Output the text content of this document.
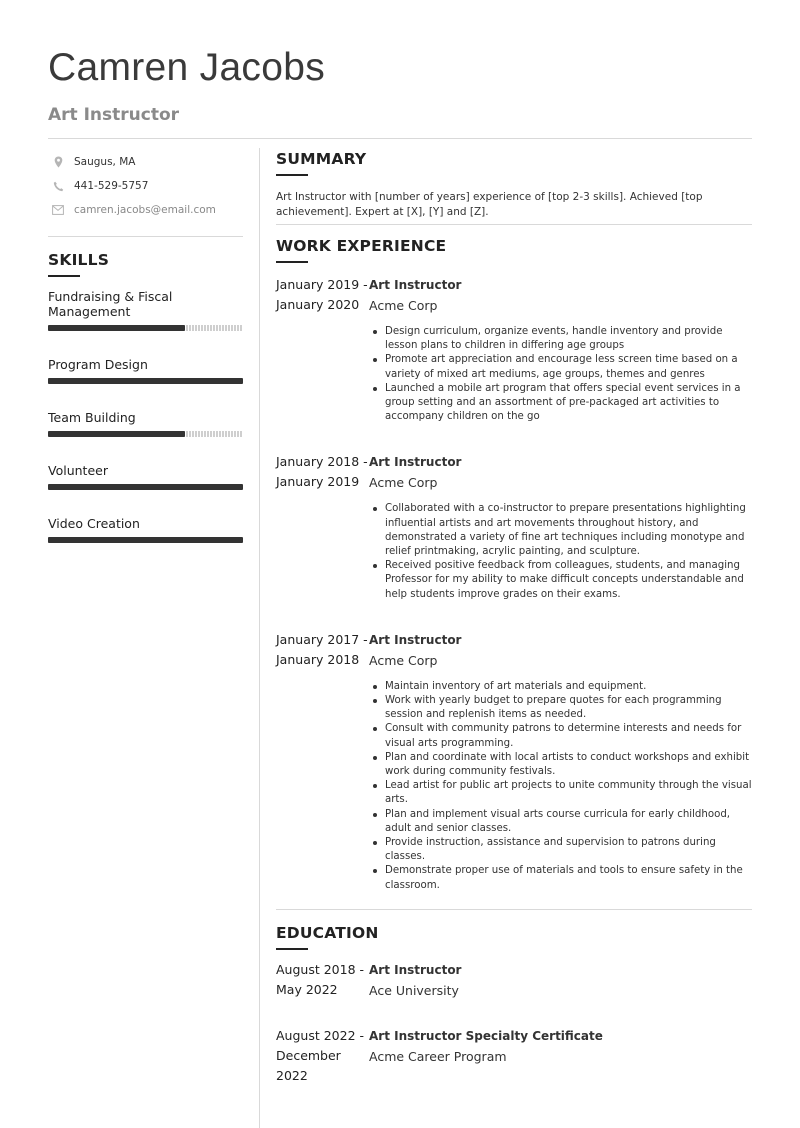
Camren Jacobs
Art Instructor
Saugus, MA
441-529-5757
camren.jacobs@email.com
SKILLS
Fundraising & Fiscal Management
Program Design
Team Building
Volunteer
Video Creation
SUMMARY
Art Instructor with [number of years] experience of [top 2-3 skills]. Achieved [top achievement]. Expert at [X], [Y] and [Z].
WORK EXPERIENCE
January 2019 -
January 2020
Art Instructor
Acme Corp
Design curriculum, organize events, handle inventory and provide lesson plans to children in differing age groups
Promote art appreciation and encourage less screen time based on a variety of mixed art mediums, age groups, themes and genres
Launched a mobile art program that offers special event services in a group setting and an assortment of pre-packaged art activities to accompany children on the go
January 2018 -
January 2019
Art Instructor
Acme Corp
Collaborated with a co-instructor to prepare presentations highlighting influential artists and art movements throughout history, and demonstrated a variety of fine art techniques including monotype and relief printmaking, acrylic painting, and sculpture.
Received positive feedback from colleagues, students, and managing Professor for my ability to make difficult concepts understandable and help students improve grades on their exams.
January 2017 -
January 2018
Art Instructor
Acme Corp
Maintain inventory of art materials and equipment.
Work with yearly budget to prepare quotes for each programming session and replenish items as needed.
Consult with community patrons to determine interests and needs for visual arts programming.
Plan and coordinate with local artists to conduct workshops and exhibit work during community festivals.
Lead artist for public art projects to unite community through the visual arts.
Plan and implement visual arts course curricula for early childhood, adult and senior classes.
Provide instruction, assistance and supervision to patrons during classes.
Demonstrate proper use of materials and tools to ensure safety in the classroom.
EDUCATION
August 2018 -
May 2022
Art Instructor
Ace University
August 2022 -
December 2022
Art Instructor Specialty Certificate
Acme Career Program
